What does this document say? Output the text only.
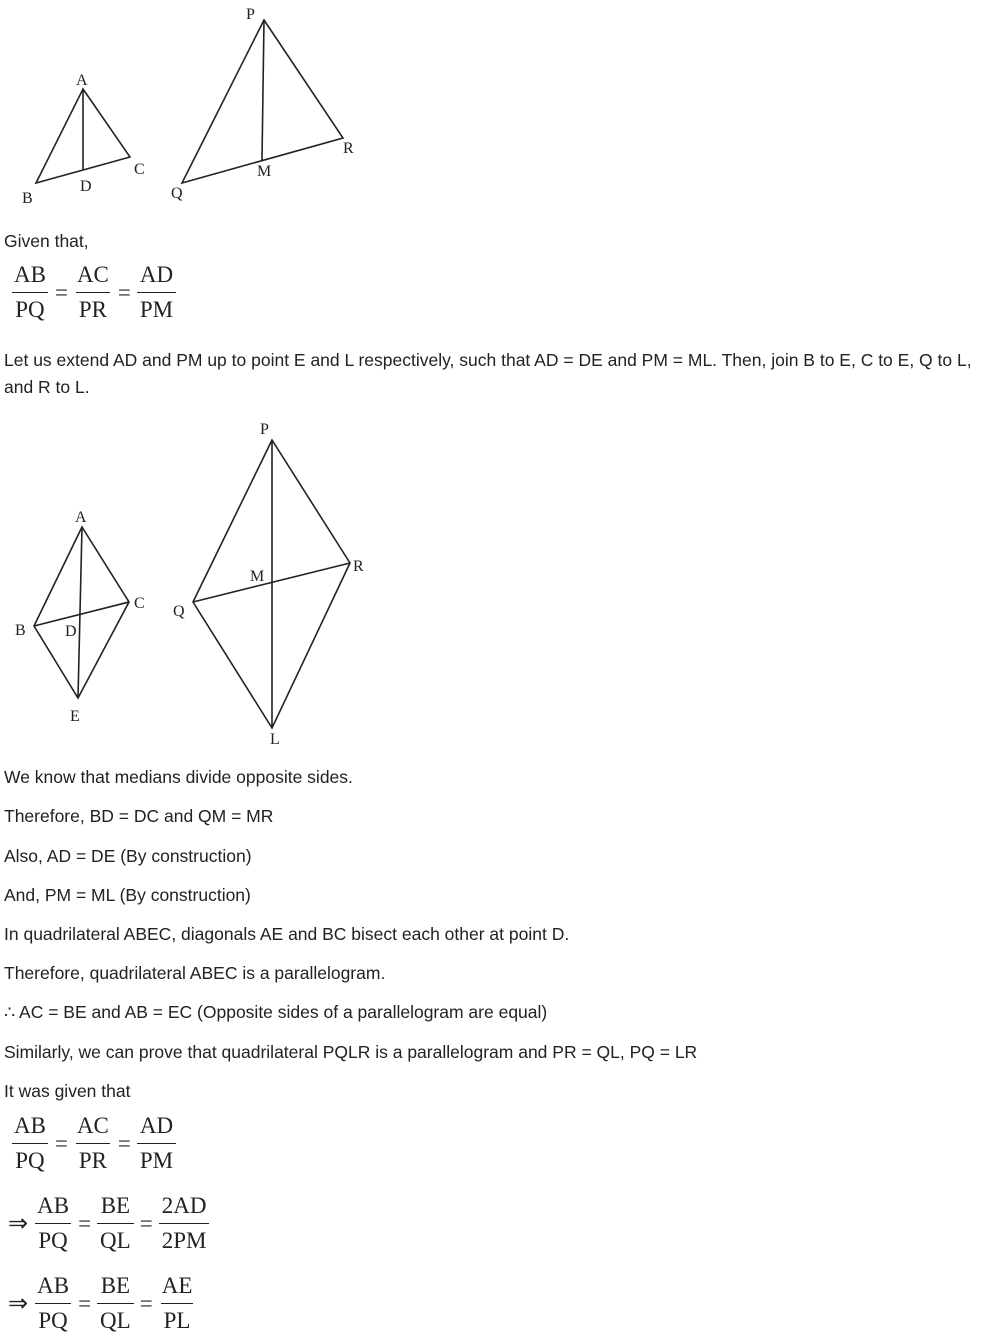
A
B
C
D
P
Q
R
M
Given that,
$\frac{AB}{PQ} = \frac{AC}{PR} = \frac{AD}{PM}$
Let us extend AD and PM up to point E and L respectively, such that AD = DE and PM = ML. Then, join B to E, C to E, Q to L, and R to L.
A
B
C
D
E
P
Q
R
M
L
We know that medians divide opposite sides.
Therefore, BD = DC and QM = MR
Also, AD = DE (By construction)
And, PM = ML (By construction)
In quadrilateral ABEC, diagonals AE and BC bisect each other at point D.
Therefore, quadrilateral ABEC is a parallelogram.
∴ AC = BE and AB = EC (Opposite sides of a parallelogram are equal)
Similarly, we can prove that quadrilateral PQLR is a parallelogram and PR = QL, PQ = LR
It was given that
$\frac{AB}{PQ} = \frac{AC}{PR} = \frac{AD}{PM}$
⇒ $\frac{AB}{PQ} = \frac{BE}{QL} = \frac{2AD}{2PM}$
⇒ $\frac{AB}{PQ} = \frac{BE}{QL} = \frac{AE}{PL}$
